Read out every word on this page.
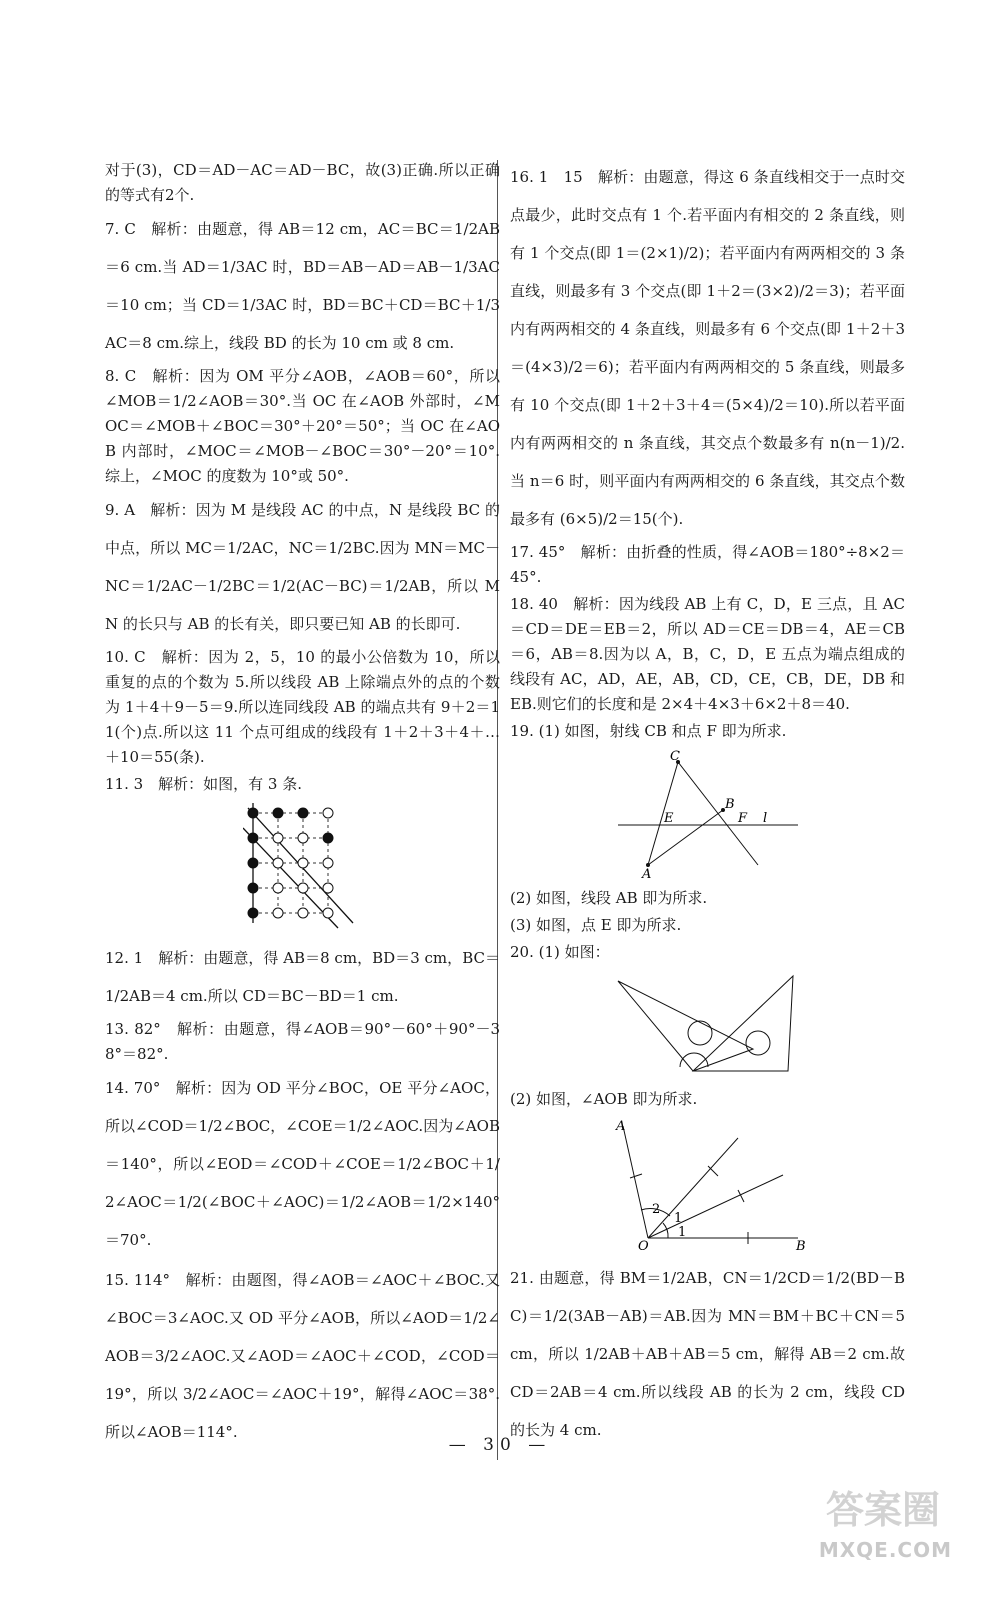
对于(3)，CD＝AD－AC＝AD－BC，故(3)正确.所以正确的等式有2个.

7. C　解析：由题意，得 AB＝12 cm，AC＝BC＝1/2AB＝6 cm.当 AD＝1/3AC 时，BD＝AB－AD＝AB－1/3AC＝10 cm；当 CD＝1/3AC 时，BD＝BC＋CD＝BC＋1/3AC＝8 cm.综上，线段 BD 的长为 10 cm 或 8 cm.

8. C　解析：因为 OM 平分∠AOB，∠AOB＝60°，所以∠MOB＝1/2∠AOB＝30°.当 OC 在∠AOB 外部时，∠MOC＝∠MOB＋∠BOC＝30°＋20°＝50°；当 OC 在∠AOB 内部时，∠MOC＝∠MOB－∠BOC＝30°－20°＝10°.综上，∠MOC 的度数为 10°或 50°.

9. A　解析：因为 M 是线段 AC 的中点，N 是线段 BC 的中点，所以 MC＝1/2AC，NC＝1/2BC.因为 MN＝MC－NC＝1/2AC－1/2BC＝1/2(AC－BC)＝1/2AB，所以 MN 的长只与 AB 的长有关，即只要已知 AB 的长即可.

10. C　解析：因为 2，5，10 的最小公倍数为 10，所以重复的点的个数为 5.所以线段 AB 上除端点外的点的个数为 1＋4＋9－5＝9.所以连同线段 AB 的端点共有 9＋2＝11(个)点.所以这 11 个点可组成的线段有 1＋2＋3＋4＋…＋10＝55(条).

11. 3　解析：如图，有 3 条.

12. 1　解析：由题意，得 AB＝8 cm，BD＝3 cm，BC＝1/2AB＝4 cm.所以 CD＝BC－BD＝1 cm.

13. 82°　解析：由题意，得∠AOB＝90°－60°＋90°－38°＝82°.

14. 70°　解析：因为 OD 平分∠BOC，OE 平分∠AOC，所以∠COD＝1/2∠BOC，∠COE＝1/2∠AOC.因为∠AOB＝140°，所以∠EOD＝∠COD＋∠COE＝1/2∠BOC＋1/2∠AOC＝1/2(∠BOC＋∠AOC)＝1/2∠AOB＝1/2×140°＝70°.

15. 114°　解析：由题图，得∠AOB＝∠AOC＋∠BOC.又∠BOC＝3∠AOC.又 OD 平分∠AOB，所以∠AOD＝1/2∠AOB＝3/2∠AOC.又∠AOD＝∠AOC＋∠COD，∠COD＝19°，所以 3/2∠AOC＝∠AOC＋19°，解得∠AOC＝38°.所以∠AOB＝114°.

16. 1　15　解析：由题意，得这 6 条直线相交于一点时交点最少，此时交点有 1 个.若平面内有相交的 2 条直线，则有 1 个交点(即 1＝(2×1)/2)；若平面内有两两相交的 3 条直线，则最多有 3 个交点(即 1＋2＝(3×2)/2＝3)；若平面内有两两相交的 4 条直线，则最多有 6 个交点(即 1＋2＋3＝(4×3)/2＝6)；若平面内有两两相交的 5 条直线，则最多有 10 个交点(即 1＋2＋3＋4＝(5×4)/2＝10).所以若平面内有两两相交的 n 条直线，其交点个数最多有 n(n－1)/2.当 n＝6 时，则平面内有两两相交的 6 条直线，其交点个数最多有 (6×5)/2＝15(个).

17. 45°　解析：由折叠的性质，得∠AOB＝180°÷8×2＝45°.

18. 40　解析：因为线段 AB 上有 C，D，E 三点，且 AC＝CD＝DE＝EB＝2，所以 AD＝CE＝DB＝4，AE＝CB＝6，AB＝8.因为以 A，B，C，D，E 五点为端点组成的线段有 AC，AD，AE，AB，CD，CE，CB，DE，DB 和 EB.则它们的长度和是 2×4＋4×3＋6×2＋8＝40.

19. (1) 如图，射线 CB 和点 F 即为所求.

C
B
E	F l
A

(2) 如图，线段 AB 即为所求.

(3) 如图，点 E 即为所求.

20. (1) 如图：

(2) 如图，∠AOB 即为所求.

A
2
1
1
O	B

21. 由题意，得 BM＝1/2AB，CN＝1/2CD＝1/2(BD－BC)＝1/2(3AB－AB)＝AB.因为 MN＝BM＋BC＋CN＝5 cm，所以 1/2AB＋AB＋AB＝5 cm，解得 AB＝2 cm.故 CD＝2AB＝4 cm.所以线段 AB 的长为 2 cm，线段 CD 的长为 4 cm.

— 30 —
答案圈
MXQE.COM
